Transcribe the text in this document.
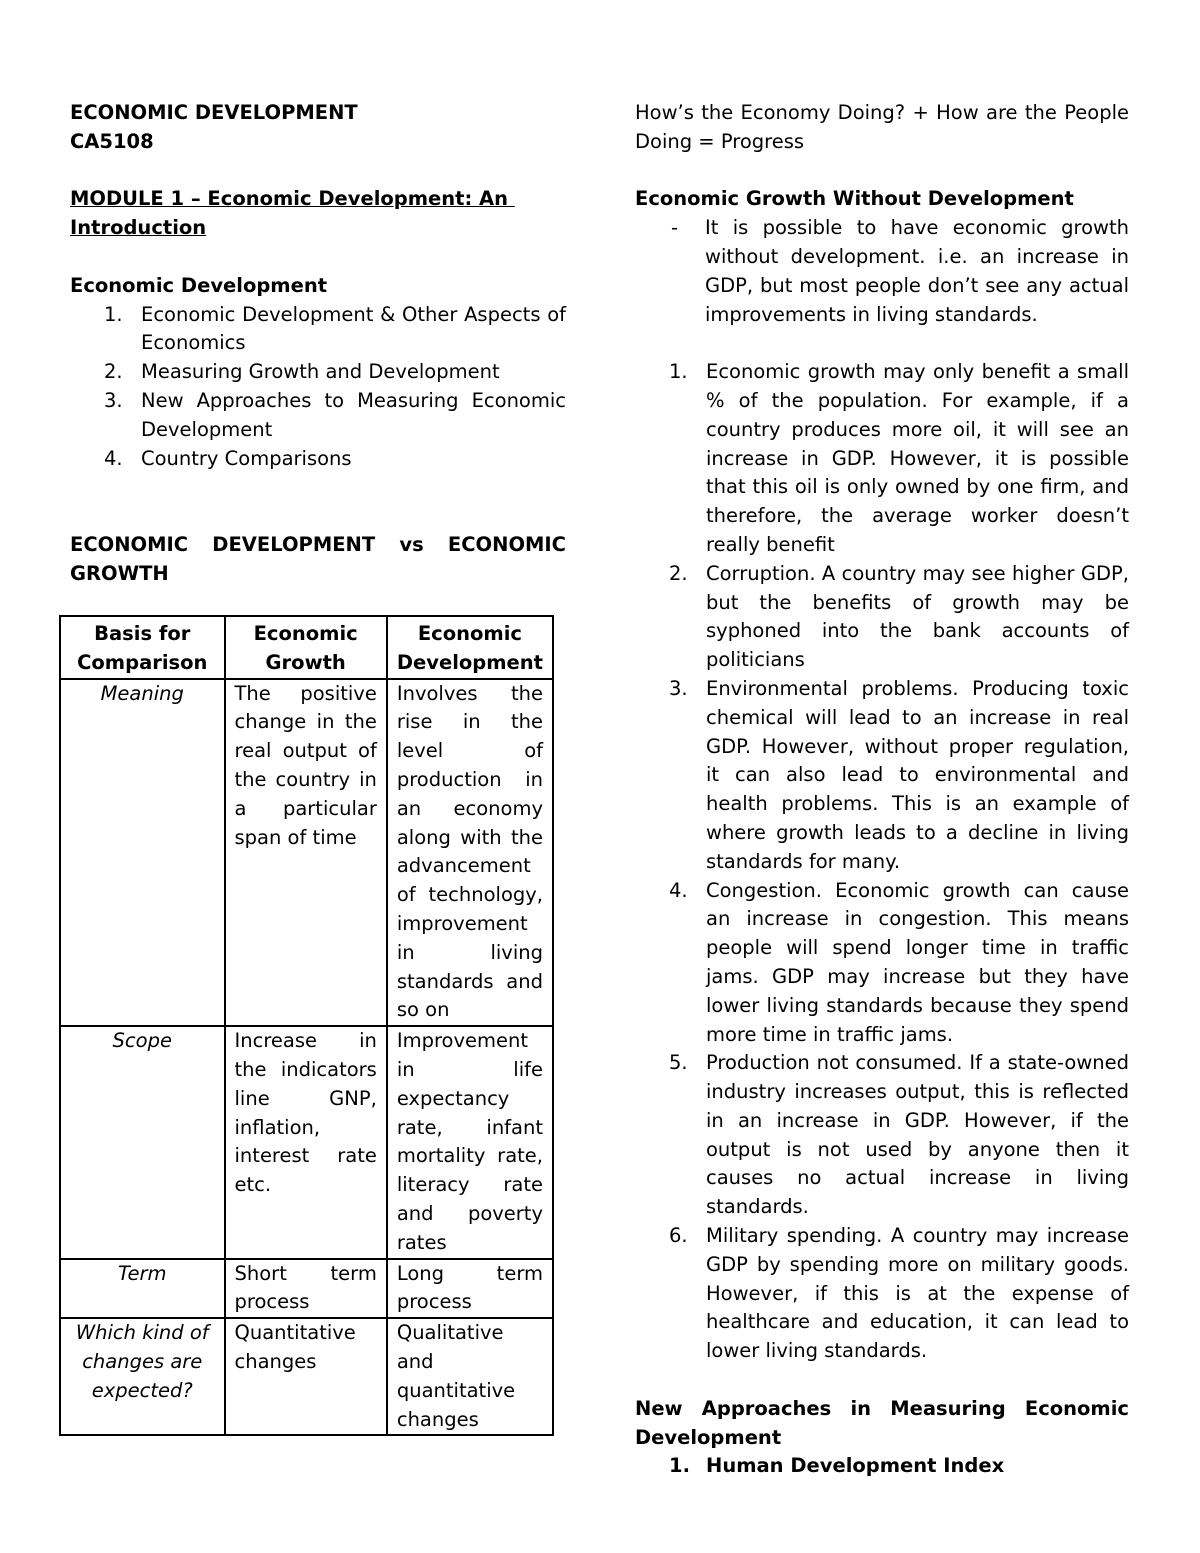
ECONOMIC DEVELOPMENT

CA5108

MODULE 1 – Economic Development: An

Introduction

Economic Development

1. Economic Development & Other Aspects of Economics
2. Measuring Growth and Development
3. New Approaches to Measuring Economic Development
4. Country Comparisons

ECONOMIC DEVELOPMENT vs ECONOMIC

GROWTH

Basis for Comparison	Economic Growth	Economic Development
Meaning	The positive change in the real output of the country in a particular span of time	Involves the rise in the level of production in an economy along with the advancement of technology, improvement in living standards and so on

Scope	Increase in the indicators line GNP, inflation, interest rate etc.	Improvement in life expectancy rate, infant mortality rate, literacy rate and poverty rates

Term	Short term process	Long term process

Which kind of changes are expected?	Quantitative changes	Qualitative and quantitative changes

How’s the Economy Doing? + How are the People Doing = Progress

Economic Growth Without Development

- It is possible to have economic growth without development. i.e. an increase in GDP, but most people don’t see any actual improvements in living standards.
1. Economic growth may only benefit a small % of the population. For example, if a country produces more oil, it will see an increase in GDP. However, it is possible that this oil is only owned by one firm, and therefore, the average worker doesn’t really benefit
2. Corruption. A country may see higher GDP, but the benefits of growth may be syphoned into the bank accounts of politicians
3. Environmental problems. Producing toxic chemical will lead to an increase in real GDP. However, without proper regulation, it can also lead to environmental and health problems. This is an example of where growth leads to a decline in living standards for many.
4. Congestion. Economic growth can cause an increase in congestion. This means people will spend longer time in traffic jams. GDP may increase but they have lower living standards because they spend more time in traffic jams.
5. Production not consumed. If a state-owned industry increases output, this is reflected in an increase in GDP. However, if the output is not used by anyone then it causes no actual increase in living standards.
6. Military spending. A country may increase GDP by spending more on military goods. However, if this is at the expense of healthcare and education, it can lead to lower living standards.

New Approaches in Measuring Economic Development

1. Human Development Index
